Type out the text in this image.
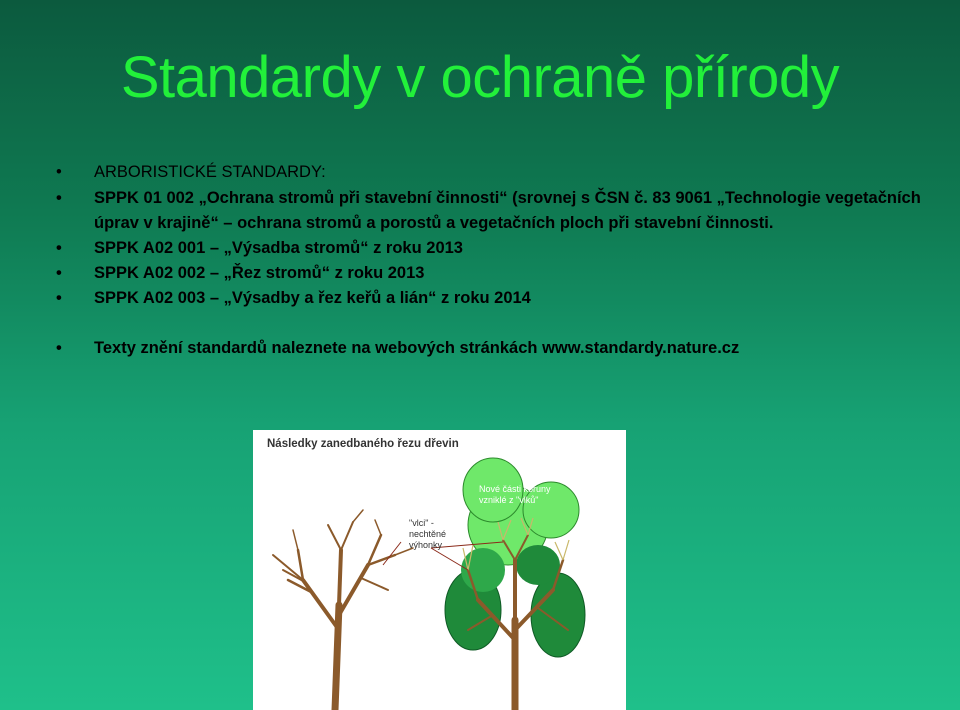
Standardy v ochraně přírody
• ARBORISTICKÉ STANDARDY:
• SPPK 01 002 „Ochrana stromů při stavební činnosti“ (srovnej s ČSN č. 83 9061 „Technologie vegetačních úprav v krajině“ – ochrana stromů a porostů a vegetačních ploch při stavební činnosti.
• SPPK A02 001 – „Výsadba stromů“ z roku 2013
• SPPK A02 002 – „Řez stromů“ z roku 2013
• SPPK A02 003 – „Výsadby a řez keřů a lián“ z roku 2014
• Texty znění standardů naleznete na webových stránkách www.standardy.nature.cz
Následky zanedbaného řezu dřevin
"vlci" -
nechtěné
výhonky
Nové části koruny
vzniklé z "vlků"
